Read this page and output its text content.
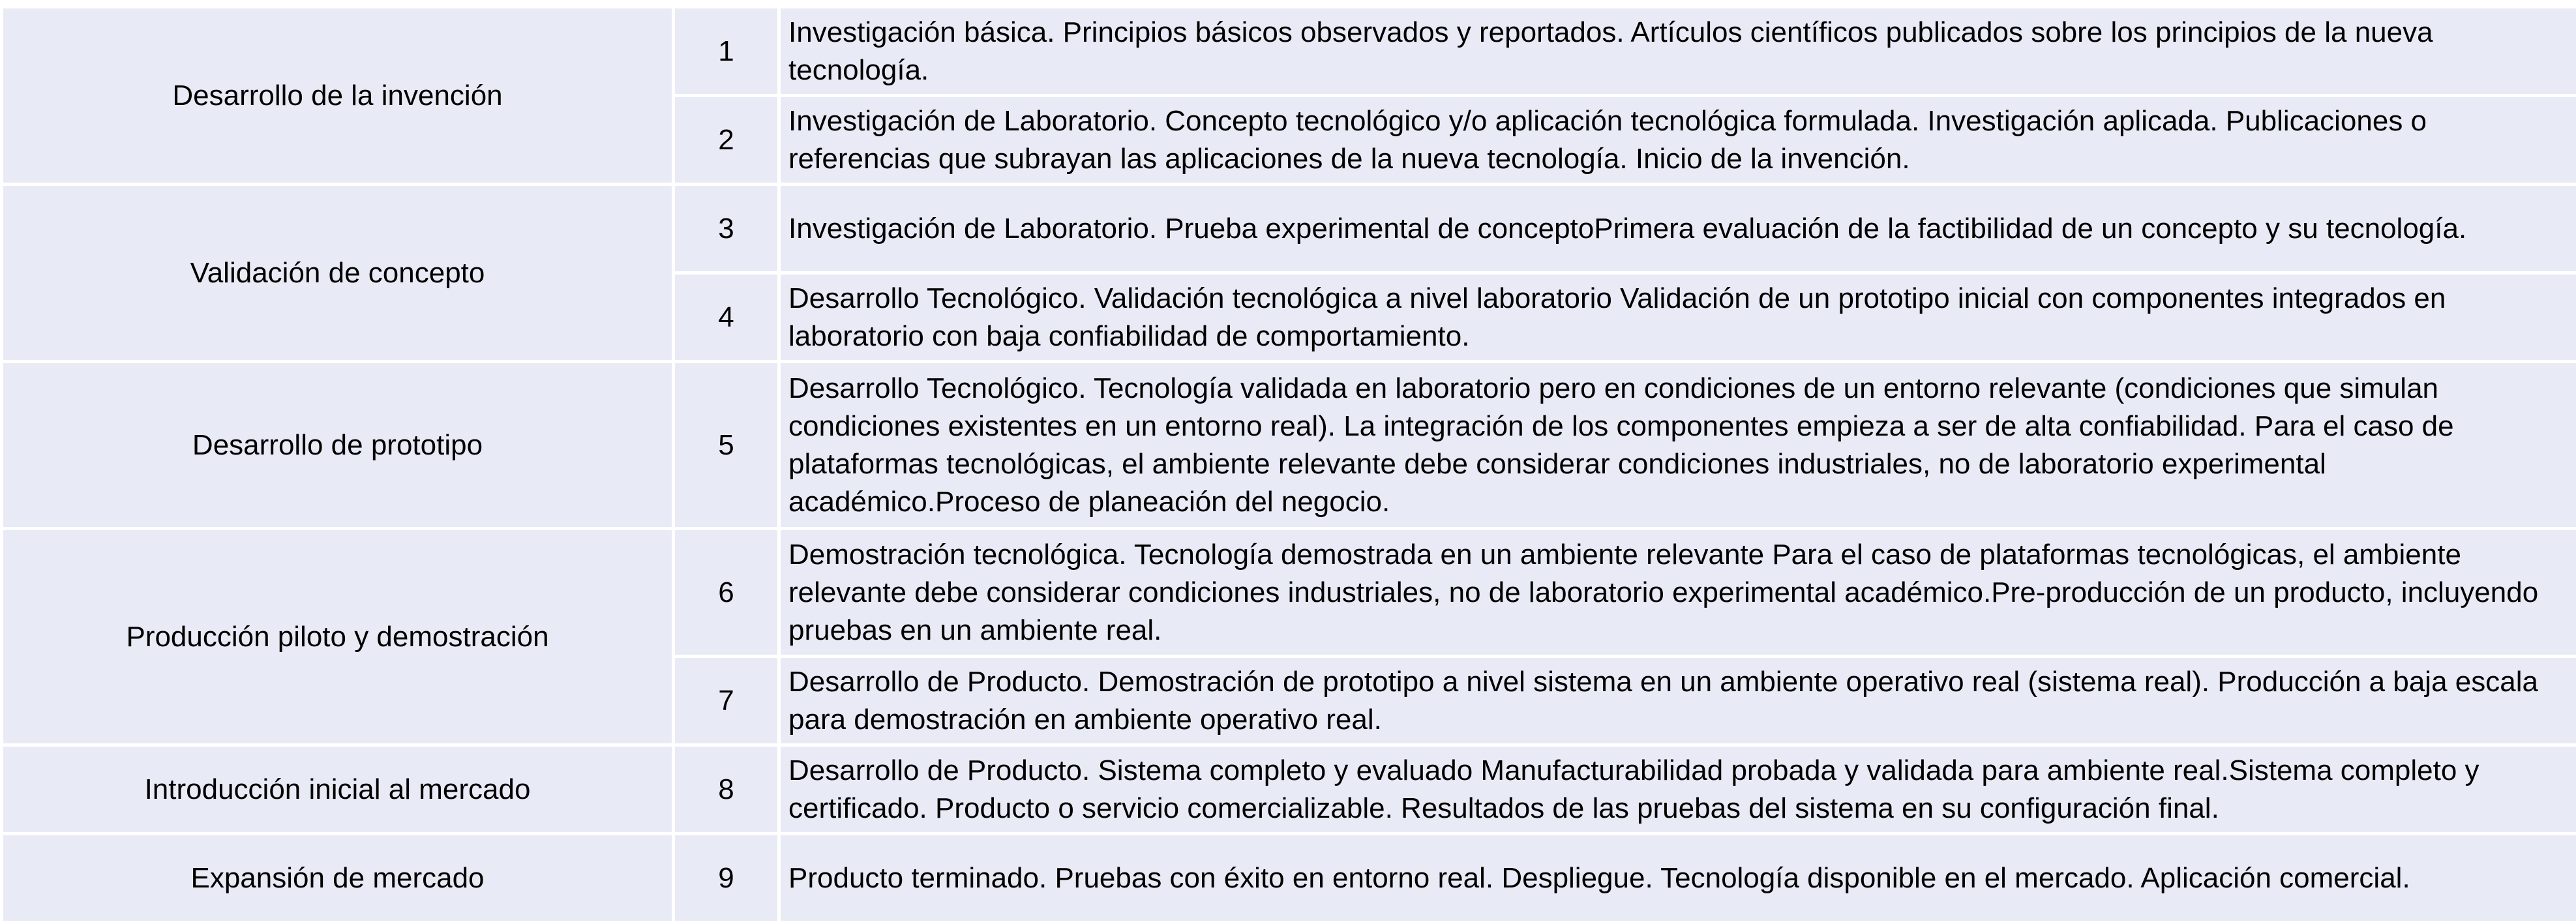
Desarrollo de la invención	1	Investigación básica. Principios básicos observados y reportados. Artículos científicos publicados sobre los principios de la nueva tecnología.
	2	Investigación de Laboratorio. Concepto tecnológico y/o aplicación tecnológica formulada. Investigación aplicada. Publicaciones o referencias que subrayan las aplicaciones de la nueva tecnología. Inicio de la invención.
Validación de concepto	3	Investigación de Laboratorio. Prueba experimental de conceptoPrimera evaluación de la factibilidad de un concepto y su tecnología.
	4	Desarrollo Tecnológico. Validación tecnológica a nivel laboratorio Validación de un prototipo inicial con componentes integrados en laboratorio con baja confiabilidad de comportamiento.
Desarrollo de prototipo	5	Desarrollo Tecnológico. Tecnología validada en laboratorio pero en condiciones de un entorno relevante (condiciones que simulan condiciones existentes en un entorno real). La integración de los componentes empieza a ser de alta confiabilidad. Para el caso de plataformas tecnológicas, el ambiente relevante debe considerar condiciones industriales, no de laboratorio experimental académico.Proceso de planeación del negocio.
Producción piloto y demostración	6	Demostración tecnológica. Tecnología demostrada en un ambiente relevante Para el caso de plataformas tecnológicas, el ambiente relevante debe considerar condiciones industriales, no de laboratorio experimental académico.Pre-producción de un producto, incluyendo pruebas en un ambiente real.
	7	Desarrollo de Producto. Demostración de prototipo a nivel sistema en un ambiente operativo real (sistema real). Producción a baja escala para demostración en ambiente operativo real.
Introducción inicial al mercado	8	Desarrollo de Producto. Sistema completo y evaluado Manufacturabilidad probada y validada para ambiente real.Sistema completo y certificado. Producto o servicio comercializable. Resultados de las pruebas del sistema en su configuración final.
Expansión de mercado	9	Producto terminado. Pruebas con éxito en entorno real. Despliegue. Tecnología disponible en el mercado. Aplicación comercial.
